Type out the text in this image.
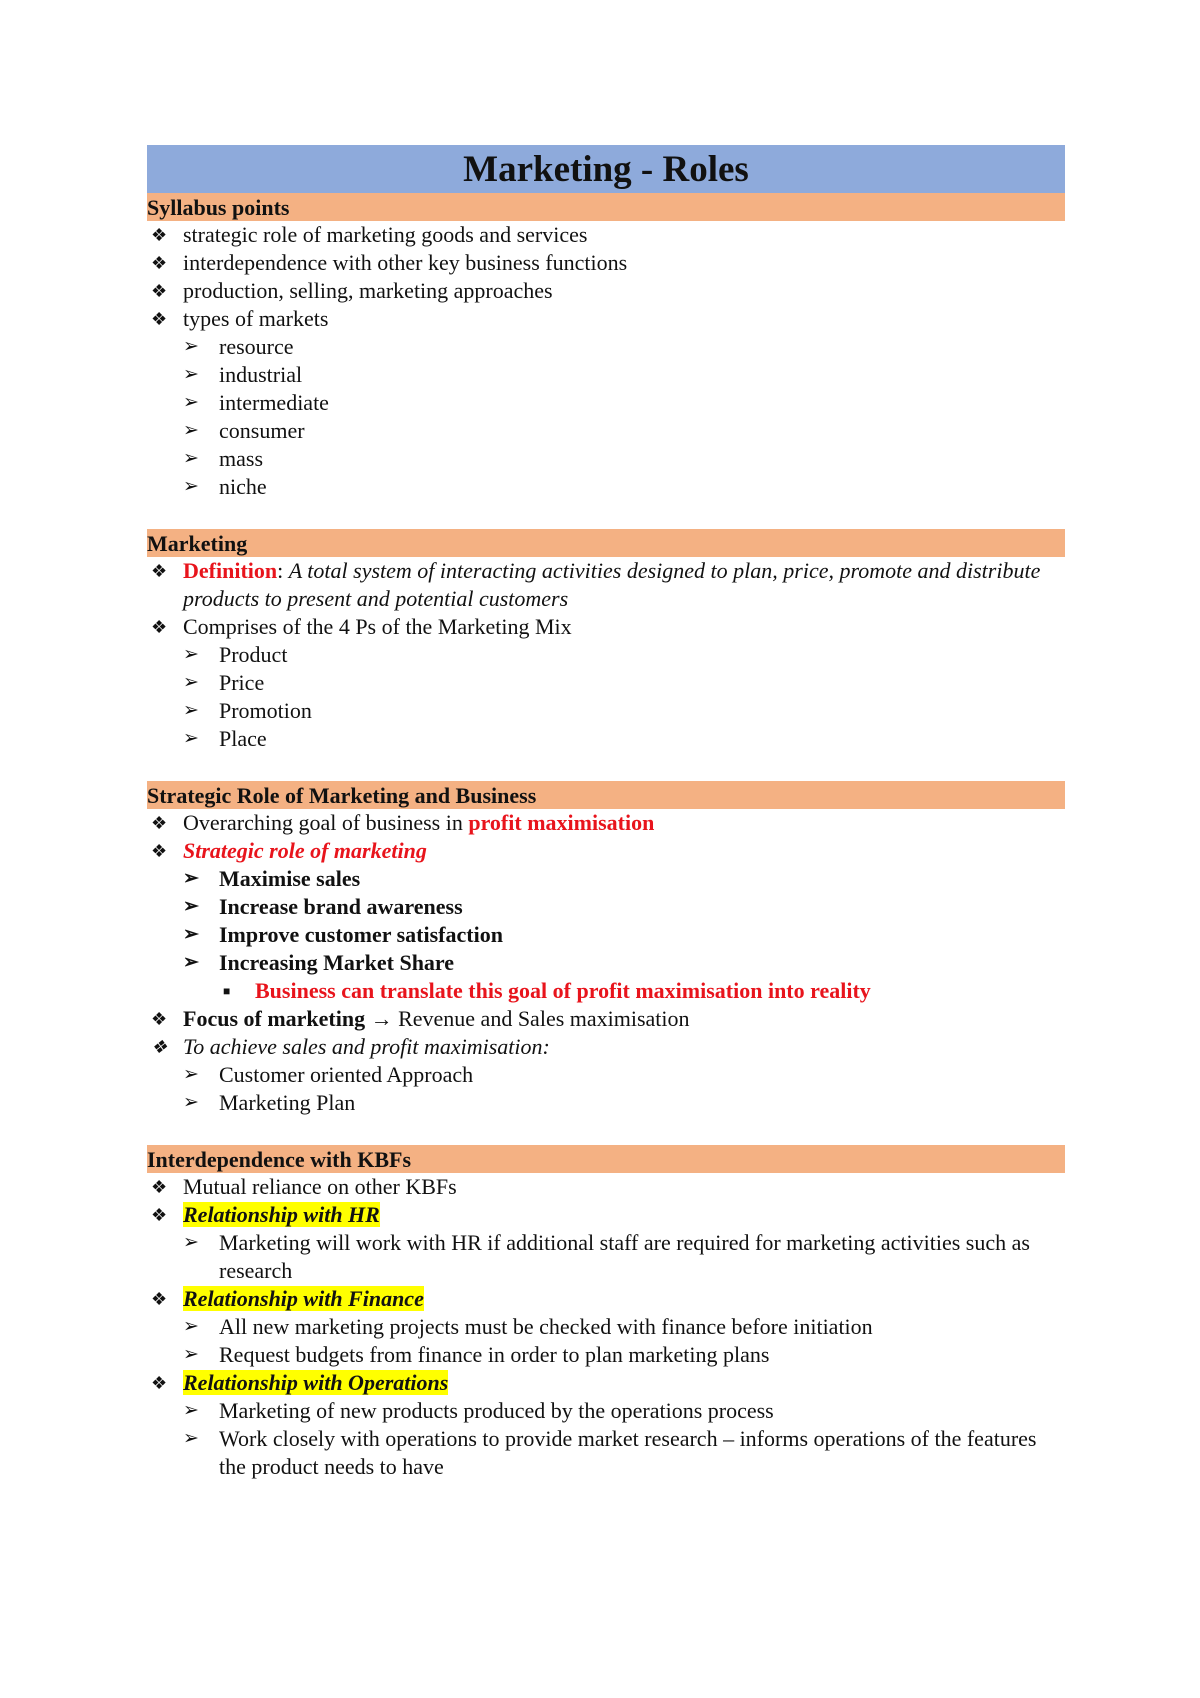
Marketing - Roles
Syllabus points
❖ strategic role of marketing goods and services
❖ interdependence with other key business functions
❖ production, selling, marketing approaches
❖ types of markets
➢ resource
➢ industrial
➢ intermediate
➢ consumer
➢ mass
➢ niche
Marketing
❖ Definition: A total system of interacting activities designed to plan, price, promote and distribute products to present and potential customers
❖ Comprises of the 4 Ps of the Marketing Mix
➢ Product
➢ Price
➢ Promotion
➢ Place
Strategic Role of Marketing and Business
❖ Overarching goal of business in profit maximisation
❖ Strategic role of marketing
➢ Maximise sales
➢ Increase brand awareness
➢ Improve customer satisfaction
➢ Increasing Market Share
■ Business can translate this goal of profit maximisation into reality
❖ Focus of marketing → Revenue and Sales maximisation
❖ To achieve sales and profit maximisation:
➢ Customer oriented Approach
➢ Marketing Plan
Interdependence with KBFs
❖ Mutual reliance on other KBFs
❖ Relationship with HR
➢ Marketing will work with HR if additional staff are required for marketing activities such as research
❖ Relationship with Finance
➢ All new marketing projects must be checked with finance before initiation
➢ Request budgets from finance in order to plan marketing plans
❖ Relationship with Operations
➢ Marketing of new products produced by the operations process
➢ Work closely with operations to provide market research – informs operations of the features the product needs to have
